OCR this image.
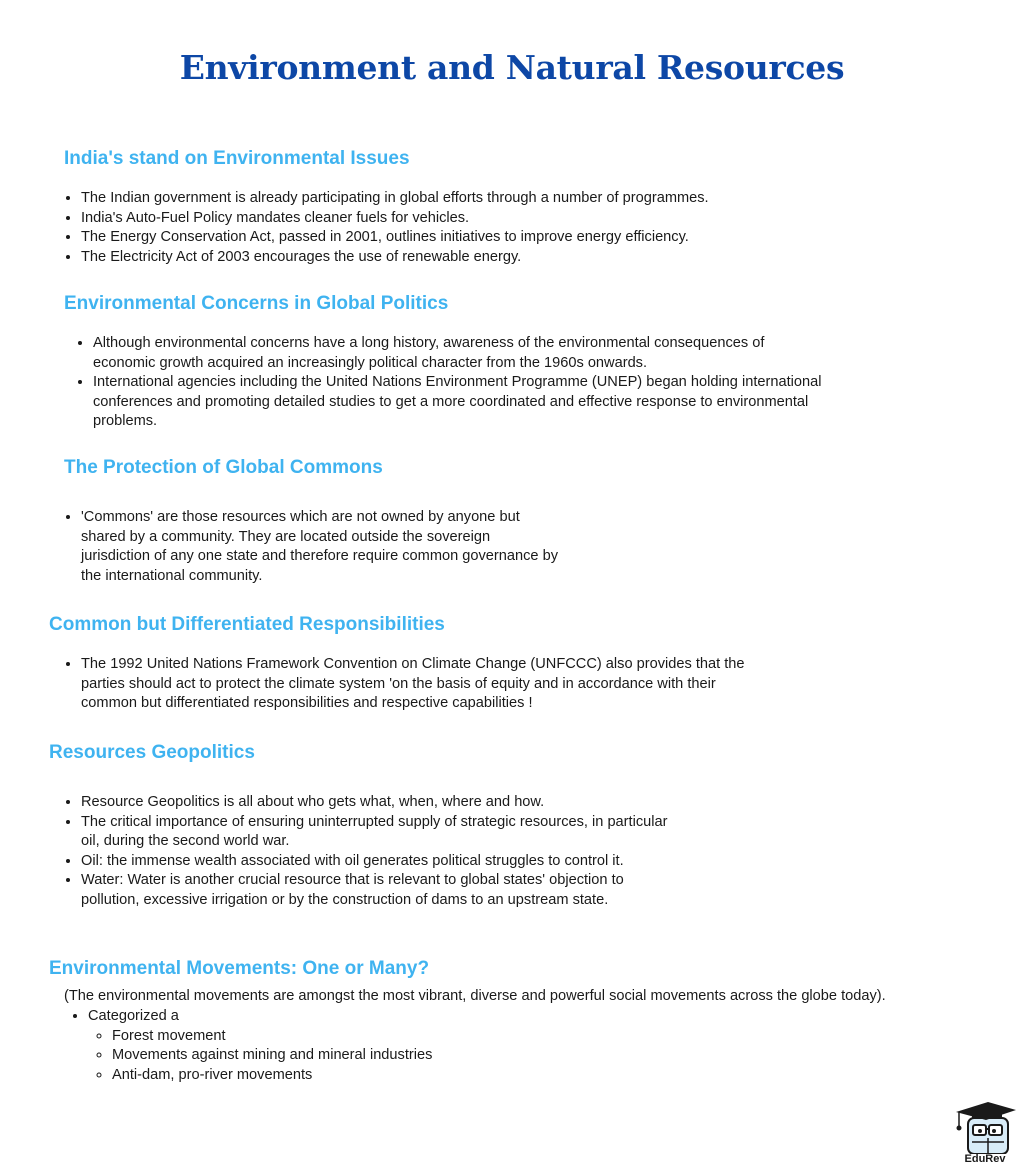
Environment and Natural Resources
India's stand on Environmental Issues
• The Indian government is already participating in global efforts through a number of programmes.
• India's Auto-Fuel Policy mandates cleaner fuels for vehicles.
• The Energy Conservation Act, passed in 2001, outlines initiatives to improve energy efficiency.
• The Electricity Act of 2003 encourages the use of renewable energy.
Environmental Concerns in Global Politics
• Although environmental concerns have a long history, awareness of the environmental consequences of economic growth acquired an increasingly political character from the 1960s onwards.
• International agencies including the United Nations Environment Programme (UNEP) began holding international conferences and promoting detailed studies to get a more coordinated and effective response to environmental problems.
The Protection of Global Commons
• 'Commons' are those resources which are not owned by anyone but shared by a community. They are located outside the sovereign jurisdiction of any one state and therefore require common governance by the international community.
Common but Differentiated Responsibilities
• The 1992 United Nations Framework Convention on Climate Change (UNFCCC) also provides that the parties should act to protect the climate system 'on the basis of equity and in accordance with their common but differentiated responsibilities and respective capabilities !
Resources Geopolitics
• Resource Geopolitics is all about who gets what, when, where and how.
• The critical importance of ensuring uninterrupted supply of strategic resources, in particular oil, during the second world war.
• Oil: the immense wealth associated with oil generates political struggles to control it.
• Water: Water is another crucial resource that is relevant to global states' objection to pollution, excessive irrigation or by the construction of dams to an upstream state.
Environmental Movements: One or Many?

(The environmental movements are amongst the most vibrant, diverse and powerful social movements across the globe today).

• Categorized a
◦ Forest movement
◦ Movements against mining and mineral industries
◦ Anti-dam, pro-river movements
EduRev
